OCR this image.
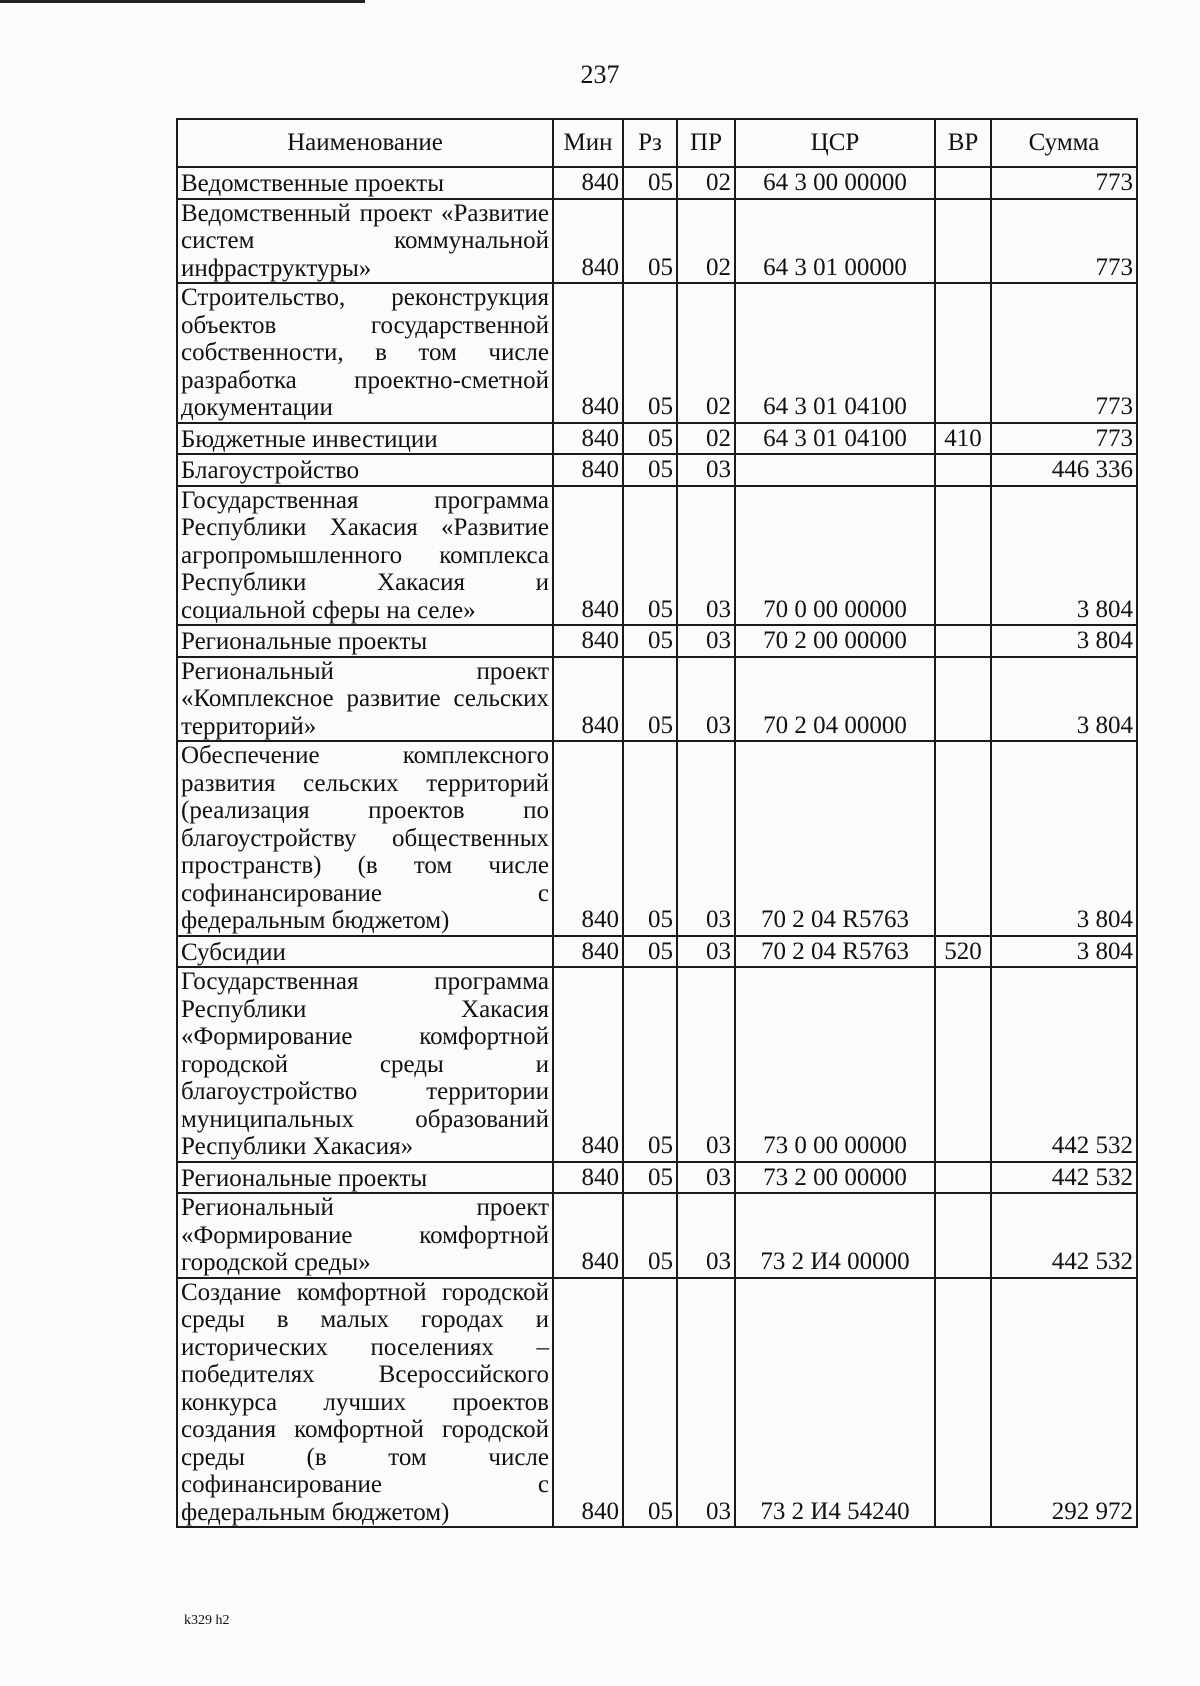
237
Наименование	Мин	Рз	ПР	ЦСР	ВР	Сумма
Ведомственные проекты	840	05	02	64 3 00 00000		773
Ведомственный проект «Развитие систем коммунальной инфраструктуры»	840	05	02	64 3 01 00000		773
Строительство, реконструкция объектов государственной собственности, в том числе разработка проектно-сметной документации	840	05	02	64 3 01 04100		773
Бюджетные инвестиции	840	05	02	64 3 01 04100	410	773
Благоустройство	840	05	03			446 336
Государственная программа Республики Хакасия «Развитие агропромышленного комплекса Республики Хакасия и социальной сферы на селе»	840	05	03	70 0 00 00000		3 804
Региональные проекты	840	05	03	70 2 00 00000		3 804
Региональный проект «Комплексное развитие сельских территорий»	840	05	03	70 2 04 00000		3 804
Обеспечение комплексного развития сельских территорий (реализация проектов по благоустройству общественных пространств) (в том числе софинансирование с федеральным бюджетом)	840	05	03	70 2 04 R5763		3 804
Субсидии	840	05	03	70 2 04 R5763	520	3 804
Государственная программа Республики Хакасия «Формирование комфортной городской среды и благоустройство территории муниципальных образований Республики Хакасия»	840	05	03	73 0 00 00000		442 532
Региональные проекты	840	05	03	73 2 00 00000		442 532
Региональный проект «Формирование комфортной городской среды»	840	05	03	73 2 И4 00000		442 532
Создание комфортной городской среды в малых городах и исторических поселениях – победителях Всероссийского конкурса лучших проектов создания комфортной городской среды (в том числе софинансирование с федеральным бюджетом)	840	05	03	73 2 И4 54240		292 972
k329 h2
